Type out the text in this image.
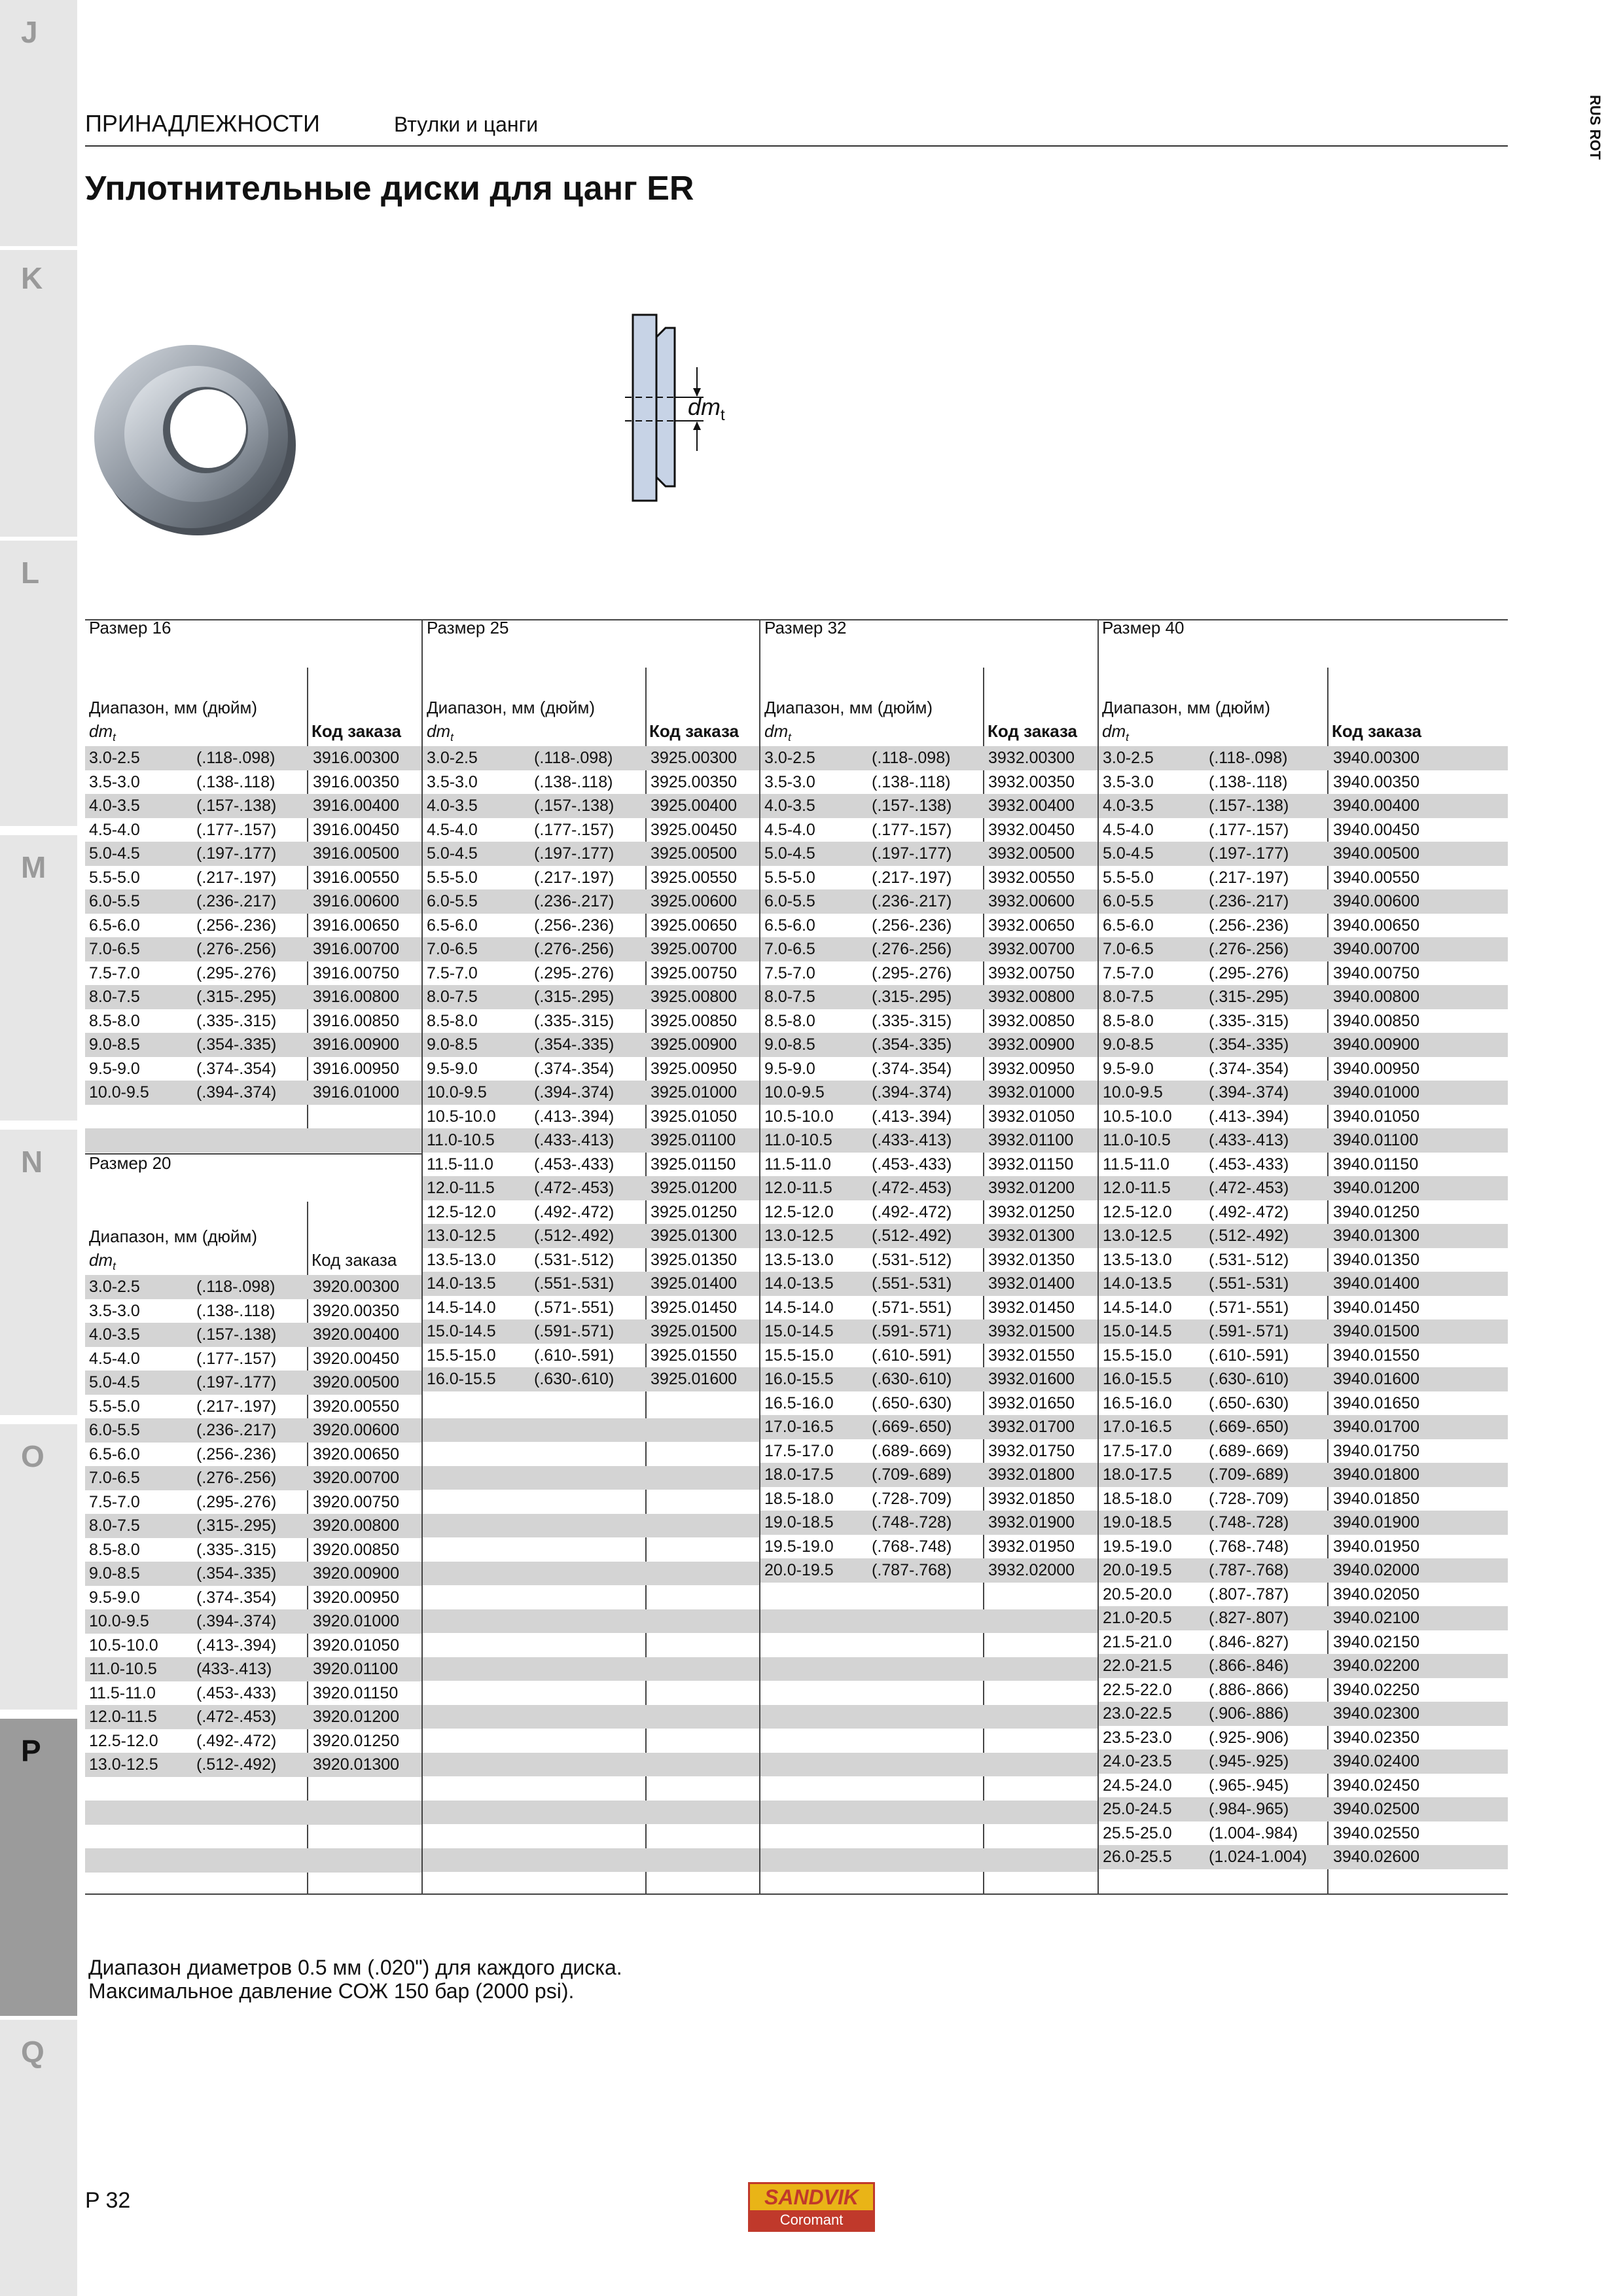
J
K
L
M
N
O
P
Q
RUS ROT
ПРИНАДЛЕЖНОСТИ	Втулки и цанги
Уплотнительные диски для цанг ER
$dm_t$
Размер 16
Диапазон, мм (дюйм)
$dm_t$	Код заказа
Размер 25
Диапазон, мм (дюйм)
$dm_t$	Код заказа
Размер 32
Диапазон, мм (дюйм)
$dm_t$	Код заказа
Размер 40
Диапазон, мм (дюйм)
$dm_t$	Код заказа
Размер 20
Диапазон, мм (дюйм)
$dm_t$	Код заказа
3.0-2.5	(.118-.098) 3916.00300
3.5-3.0	(.138-.118) 3916.00350
4.0-3.5	(.157-.138) 3916.00400
4.5-4.0	(.177-.157) 3916.00450
5.0-4.5	(.197-.177) 3916.00500
5.5-5.0	(.217-.197) 3916.00550
6.0-5.5	(.236-.217) 3916.00600
6.5-6.0	(.256-.236) 3916.00650
7.0-6.5	(.276-.256) 3916.00700
7.5-7.0	(.295-.276) 3916.00750
8.0-7.5	(.315-.295) 3916.00800
8.5-8.0	(.335-.315) 3916.00850
9.0-8.5	(.354-.335) 3916.00900
9.5-9.0	(.374-.354) 3916.00950
10.0-9.5	(.394-.374) 3916.01000
3.0-2.5	(.118-.098) 3925.00300
3.5-3.0	(.138-.118) 3925.00350
4.0-3.5	(.157-.138) 3925.00400
4.5-4.0	(.177-.157) 3925.00450
5.0-4.5	(.197-.177) 3925.00500
5.5-5.0	(.217-.197) 3925.00550
6.0-5.5	(.236-.217) 3925.00600
6.5-6.0	(.256-.236) 3925.00650
7.0-6.5	(.276-.256) 3925.00700
7.5-7.0	(.295-.276) 3925.00750
8.0-7.5	(.315-.295) 3925.00800
8.5-8.0	(.335-.315) 3925.00850
9.0-8.5	(.354-.335) 3925.00900
9.5-9.0	(.374-.354) 3925.00950
10.0-9.5	(.394-.374) 3925.01000
10.5-10.0 (.413-.394) 3925.01050
11.0-10.5 (.433-.413) 3925.01100
11.5-11.0 (.453-.433) 3925.01150
12.0-11.5 (.472-.453) 3925.01200
12.5-12.0 (.492-.472) 3925.01250
13.0-12.5 (.512-.492) 3925.01300
13.5-13.0 (.531-.512) 3925.01350
14.0-13.5 (.551-.531) 3925.01400
14.5-14.0 (.571-.551) 3925.01450
15.0-14.5 (.591-.571) 3925.01500
15.5-15.0 (.610-.591) 3925.01550
16.0-15.5 (.630-.610) 3925.01600
3.0-2.5	(.118-.098) 3932.00300
3.5-3.0	(.138-.118) 3932.00350
4.0-3.5	(.157-.138) 3932.00400
4.5-4.0	(.177-.157) 3932.00450
5.0-4.5	(.197-.177) 3932.00500
5.5-5.0	(.217-.197) 3932.00550
6.0-5.5	(.236-.217) 3932.00600
6.5-6.0	(.256-.236) 3932.00650
7.0-6.5	(.276-.256) 3932.00700
7.5-7.0	(.295-.276) 3932.00750
8.0-7.5	(.315-.295) 3932.00800
8.5-8.0	(.335-.315) 3932.00850
9.0-8.5	(.354-.335) 3932.00900
9.5-9.0	(.374-.354) 3932.00950
10.0-9.5	(.394-.374) 3932.01000
10.5-10.0 (.413-.394) 3932.01050
11.0-10.5 (.433-.413) 3932.01100
11.5-11.0 (.453-.433) 3932.01150
12.0-11.5 (.472-.453) 3932.01200
12.5-12.0 (.492-.472) 3932.01250
13.0-12.5 (.512-.492) 3932.01300
13.5-13.0 (.531-.512) 3932.01350
14.0-13.5 (.551-.531) 3932.01400
14.5-14.0 (.571-.551) 3932.01450
15.0-14.5 (.591-.571) 3932.01500
15.5-15.0 (.610-.591) 3932.01550
16.0-15.5 (.630-.610) 3932.01600
16.5-16.0 (.650-.630) 3932.01650
17.0-16.5 (.669-.650) 3932.01700
17.5-17.0 (.689-.669) 3932.01750
18.0-17.5 (.709-.689) 3932.01800
18.5-18.0 (.728-.709) 3932.01850
19.0-18.5 (.748-.728) 3932.01900
19.5-19.0 (.768-.748) 3932.01950
20.0-19.5 (.787-.768) 3932.02000
3.0-2.5	(.118-.098)	3940.00300
3.5-3.0	(.138-.118)	3940.00350
4.0-3.5	(.157-.138)	3940.00400
4.5-4.0	(.177-.157)	3940.00450
5.0-4.5	(.197-.177)	3940.00500
5.5-5.0	(.217-.197)	3940.00550
6.0-5.5	(.236-.217)	3940.00600
6.5-6.0	(.256-.236)	3940.00650
7.0-6.5	(.276-.256)	3940.00700
7.5-7.0	(.295-.276)	3940.00750
8.0-7.5	(.315-.295)	3940.00800
8.5-8.0	(.335-.315)	3940.00850
9.0-8.5	(.354-.335)	3940.00900
9.5-9.0	(.374-.354)	3940.00950
10.0-9.5	(.394-.374)	3940.01000
10.5-10.0 (.413-.394)	3940.01050
11.0-10.5 (.433-.413)	3940.01100
11.5-11.0 (.453-.433)	3940.01150
12.0-11.5 (.472-.453)	3940.01200
12.5-12.0 (.492-.472)	3940.01250
13.0-12.5 (.512-.492)	3940.01300
13.5-13.0 (.531-.512)	3940.01350
14.0-13.5 (.551-.531)	3940.01400
14.5-14.0 (.571-.551)	3940.01450
15.0-14.5 (.591-.571)	3940.01500
15.5-15.0 (.610-.591)	3940.01550
16.0-15.5 (.630-.610)	3940.01600
16.5-16.0 (.650-.630)	3940.01650
17.0-16.5 (.669-.650)	3940.01700
17.5-17.0 (.689-.669)	3940.01750
18.0-17.5 (.709-.689)	3940.01800
18.5-18.0 (.728-.709)	3940.01850
19.0-18.5 (.748-.728)	3940.01900
19.5-19.0 (.768-.748)	3940.01950
20.0-19.5 (.787-.768)	3940.02000
20.5-20.0 (.807-.787)	3940.02050
21.0-20.5 (.827-.807)	3940.02100
21.5-21.0 (.846-.827)	3940.02150
22.0-21.5 (.866-.846)	3940.02200
22.5-22.0 (.886-.866)	3940.02250
23.0-22.5 (.906-.886)	3940.02300
23.5-23.0 (.925-.906)	3940.02350
24.0-23.5 (.945-.925)	3940.02400
24.5-24.0 (.965-.945)	3940.02450
25.0-24.5 (.984-.965)	3940.02500
25.5-25.0 (1.004-.984) 3940.02550
26.0-25.5 (1.024-1.004) 3940.02600
3.0-2.5	(.118-.098) 3920.00300
3.5-3.0	(.138-.118) 3920.00350
4.0-3.5	(.157-.138) 3920.00400
4.5-4.0	(.177-.157) 3920.00450
5.0-4.5	(.197-.177) 3920.00500
5.5-5.0	(.217-.197) 3920.00550
6.0-5.5	(.236-.217) 3920.00600
6.5-6.0	(.256-.236) 3920.00650
7.0-6.5	(.276-.256) 3920.00700
7.5-7.0	(.295-.276) 3920.00750
8.0-7.5	(.315-.295) 3920.00800
8.5-8.0	(.335-.315) 3920.00850
9.0-8.5	(.354-.335) 3920.00900
9.5-9.0	(.374-.354) 3920.00950
10.0-9.5	(.394-.374) 3920.01000
10.5-10.0 (.413-.394) 3920.01050
11.0-10.5 (433-.413)	3920.01100
11.5-11.0 (.453-.433) 3920.01150
12.0-11.5 (.472-.453) 3920.01200
12.5-12.0 (.492-.472) 3920.01250
13.0-12.5 (.512-.492) 3920.01300
Диапазон диаметров 0.5 мм (.020") для каждого диска.
Максимальное давление СОЖ 150 бар (2000 psi).
P 32	SANDVIK
Coromant
